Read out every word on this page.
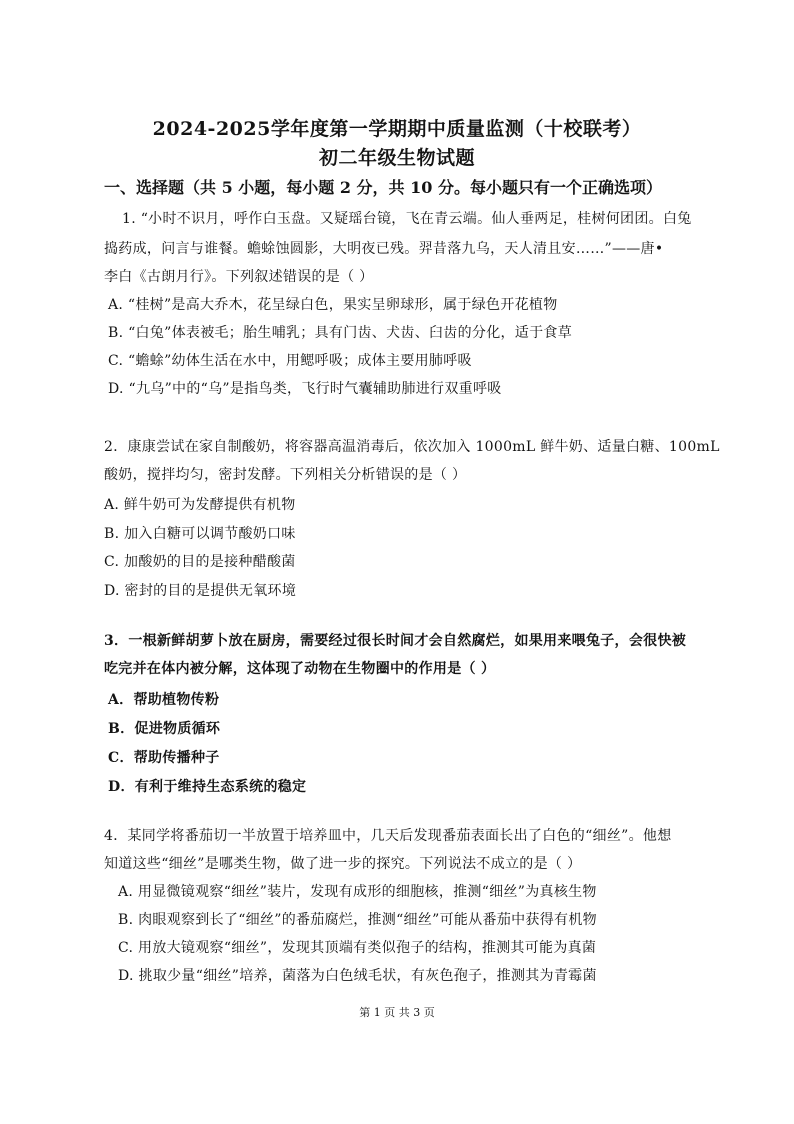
2024-2025学年度第一学期期中质量监测（十校联考）
初二年级生物试题
一、选择题（共 5 小题，每小题 2 分，共 10 分。每小题只有一个正确选项）
1. “小时不识月，呼作白玉盘。又疑瑶台镜，飞在青云端。仙人垂两足，桂树何团团。白兔
捣药成，问言与谁餐。蟾蜍蚀圆影，大明夜已残。羿昔落九乌，天人清且安……”——唐•
李白《古朗月行》。下列叙述错误的是（ ）
A. “桂树”是高大乔木，花呈绿白色，果实呈卵球形，属于绿色开花植物
B. “白兔”体表被毛；胎生哺乳；具有门齿、犬齿、臼齿的分化，适于食草
C. “蟾蜍”幼体生活在水中，用鳃呼吸；成体主要用肺呼吸
D. “九乌”中的“乌”是指鸟类，飞行时气囊辅助肺进行双重呼吸
2．康康尝试在家自制酸奶，将容器高温消毒后，依次加入 1000mL 鲜牛奶、适量白糖、100mL
酸奶，搅拌均匀，密封发酵。下列相关分析错误的是（ ）
A. 鲜牛奶可为发酵提供有机物
B. 加入白糖可以调节酸奶口味
C. 加酸奶的目的是接种醋酸菌
D. 密封的目的是提供无氧环境
3．一根新鲜胡萝卜放在厨房，需要经过很长时间才会自然腐烂，如果用来喂兔子，会很快被
吃完并在体内被分解，这体现了动物在生物圈中的作用是（ ）
A．帮助植物传粉
B．促进物质循环
C．帮助传播种子
D．有利于维持生态系统的稳定
4．某同学将番茄切一半放置于培养皿中，几天后发现番茄表面长出了白色的“细丝”。他想
知道这些“细丝”是哪类生物，做了进一步的探究。下列说法不成立的是（ ）
A. 用显微镜观察“细丝”装片，发现有成形的细胞核，推测“细丝”为真核生物
B. 肉眼观察到长了“细丝”的番茄腐烂，推测“细丝”可能从番茄中获得有机物
C. 用放大镜观察“细丝”，发现其顶端有类似孢子的结构，推测其可能为真菌
D. 挑取少量“细丝”培养，菌落为白色绒毛状，有灰色孢子，推测其为青霉菌
第 1 页 共 3 页
